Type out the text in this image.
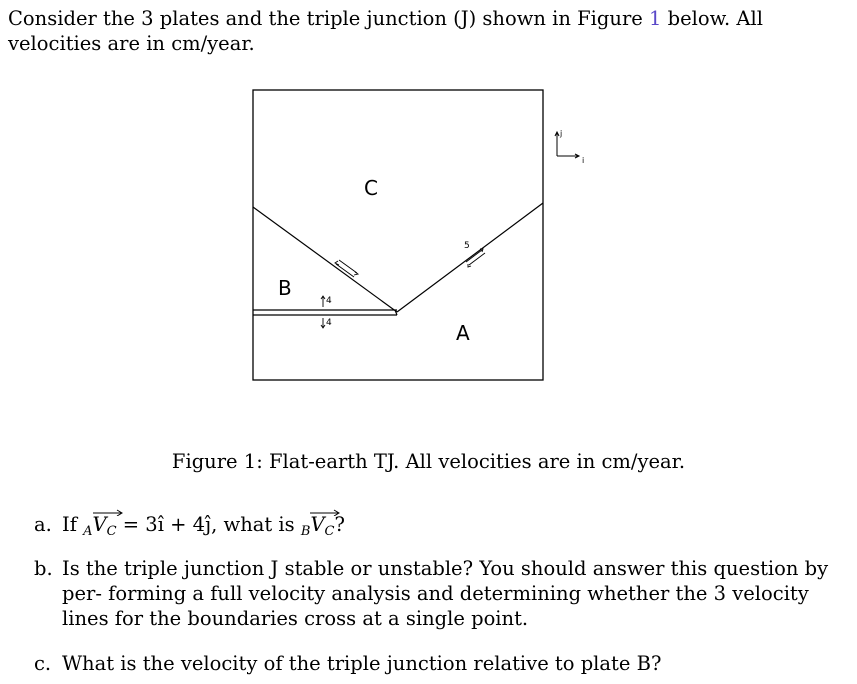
Consider the 3 plates and the triple junction (J) shown in Figure 1 below. All velocities are in cm/year.
C
B
A
4
4
5
j
i
Figure 1: Flat-earth TJ. All velocities are in cm/year.
a. If $_AV_C$
= 3î + 4ĵ, what is $_BV_C$
?
b. Is the triple junction J stable or unstable? You should answer this question by per- forming a full velocity analysis and determining whether the 3 velocity lines for the boundaries cross at a single point.
c. What is the velocity of the triple junction relative to plate B?
